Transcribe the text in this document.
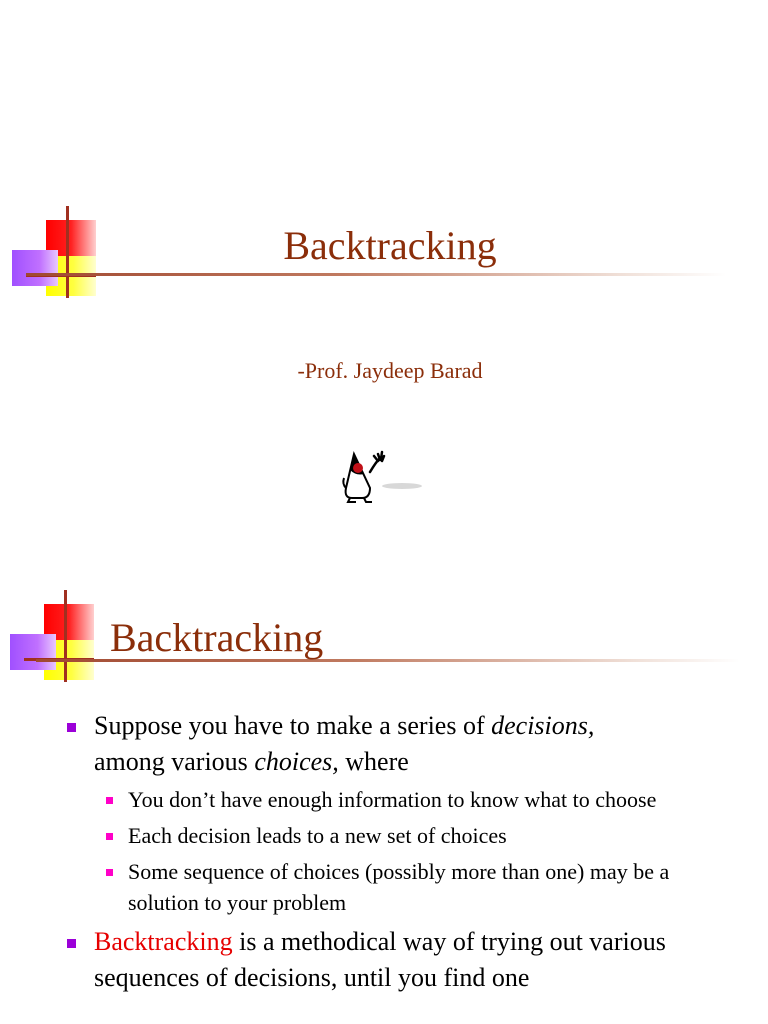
Backtracking
-Prof. Jaydeep Barad
Backtracking
Suppose you have to make a series of decisions,
among various choices, where
You don’t have enough information to know what to choose
Each decision leads to a new set of choices
Some sequence of choices (possibly more than one) may be a solution to your problem
Backtracking is a methodical way of trying out various sequences of decisions, until you find one
